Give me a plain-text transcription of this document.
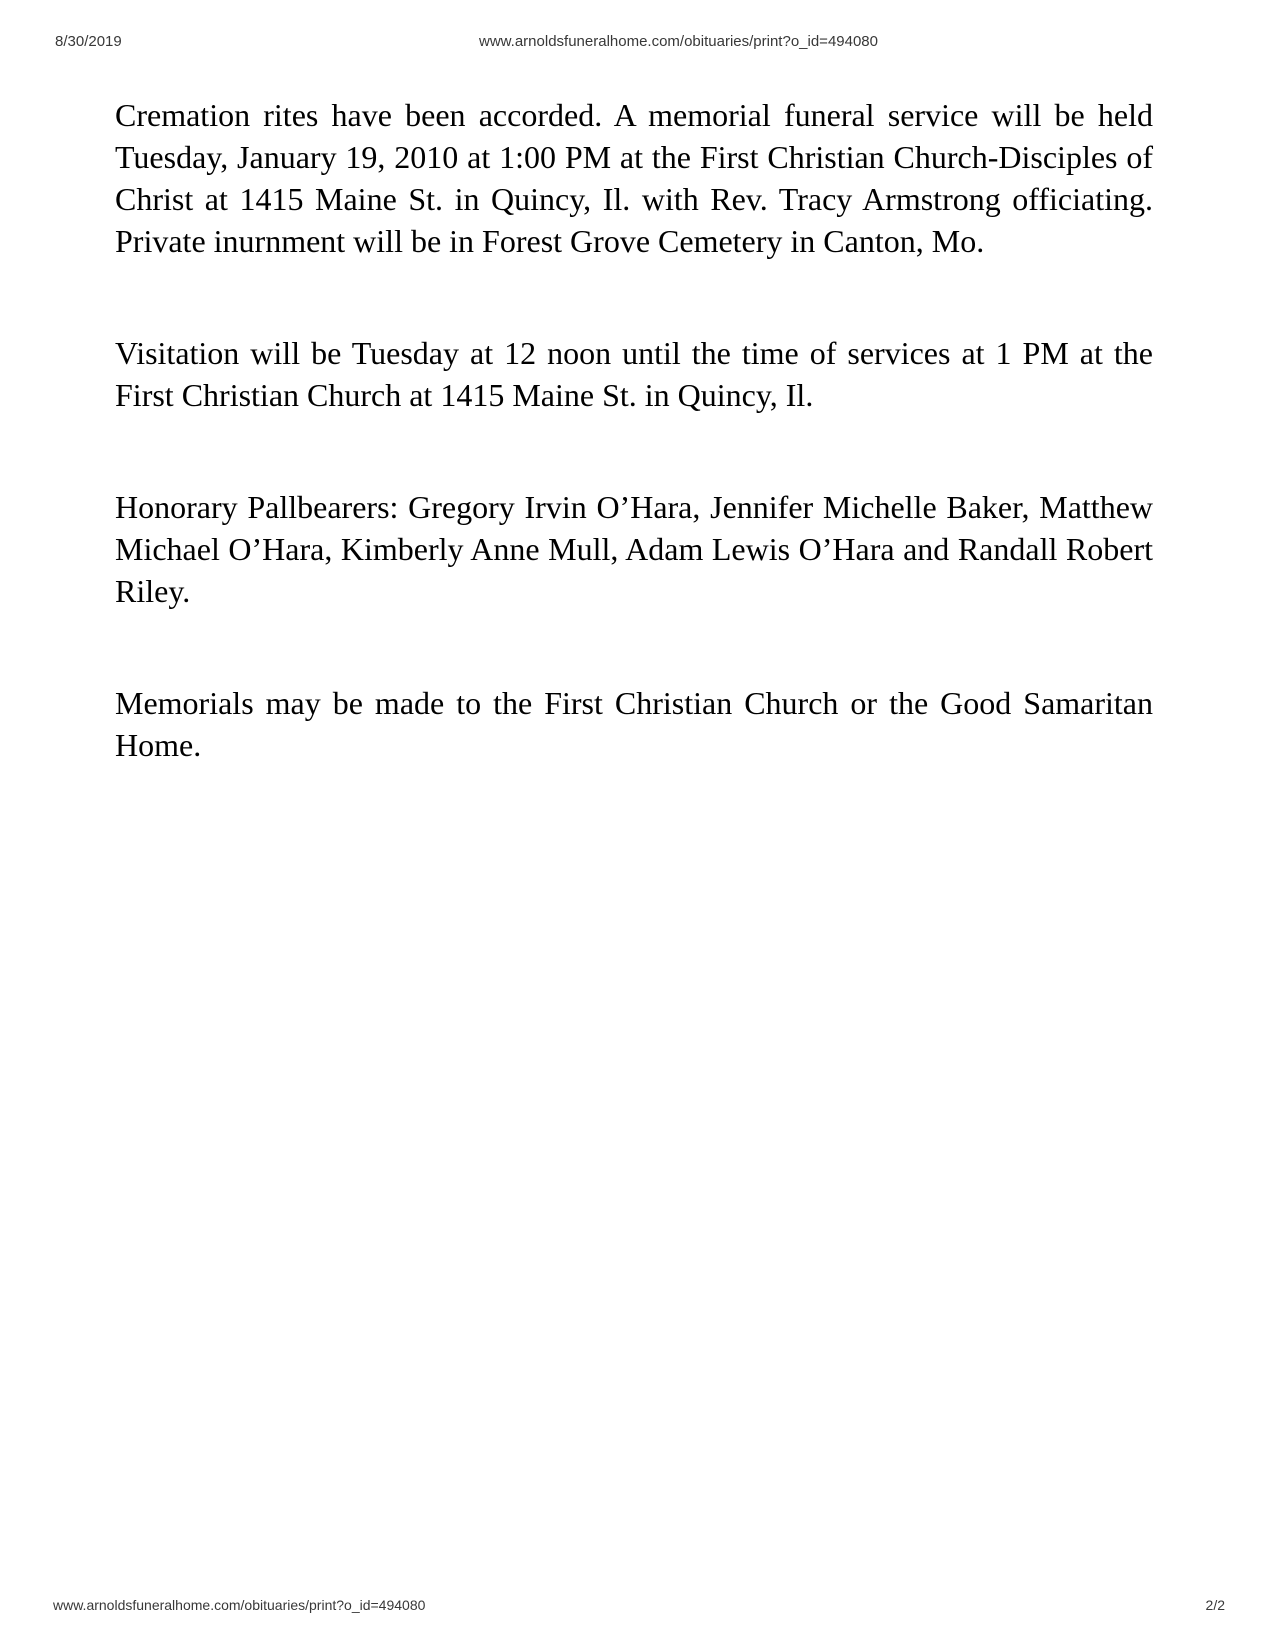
8/30/2019	www.arnoldsfuneralhome.com/obituaries/print?o_id=494080

Cremation rites have been accorded. A memorial funeral service will be held Tuesday, January 19, 2010 at 1:00 PM at the First Christian Church-Disciples of Christ at 1415 Maine St. in Quincy, Il. with Rev. Tracy Armstrong officiating. Private inurnment will be in Forest Grove Cemetery in Canton, Mo.

Visitation will be Tuesday at 12 noon until the time of services at 1 PM at the First Christian Church at 1415 Maine St. in Quincy, Il.

Honorary Pallbearers: Gregory Irvin O’Hara, Jennifer Michelle Baker, Matthew Michael O’Hara, Kimberly Anne Mull, Adam Lewis O’Hara and Randall Robert Riley.

Memorials may be made to the First Christian Church or the Good Samaritan Home.

www.arnoldsfuneralhome.com/obituaries/print?o_id=494080	2/2
